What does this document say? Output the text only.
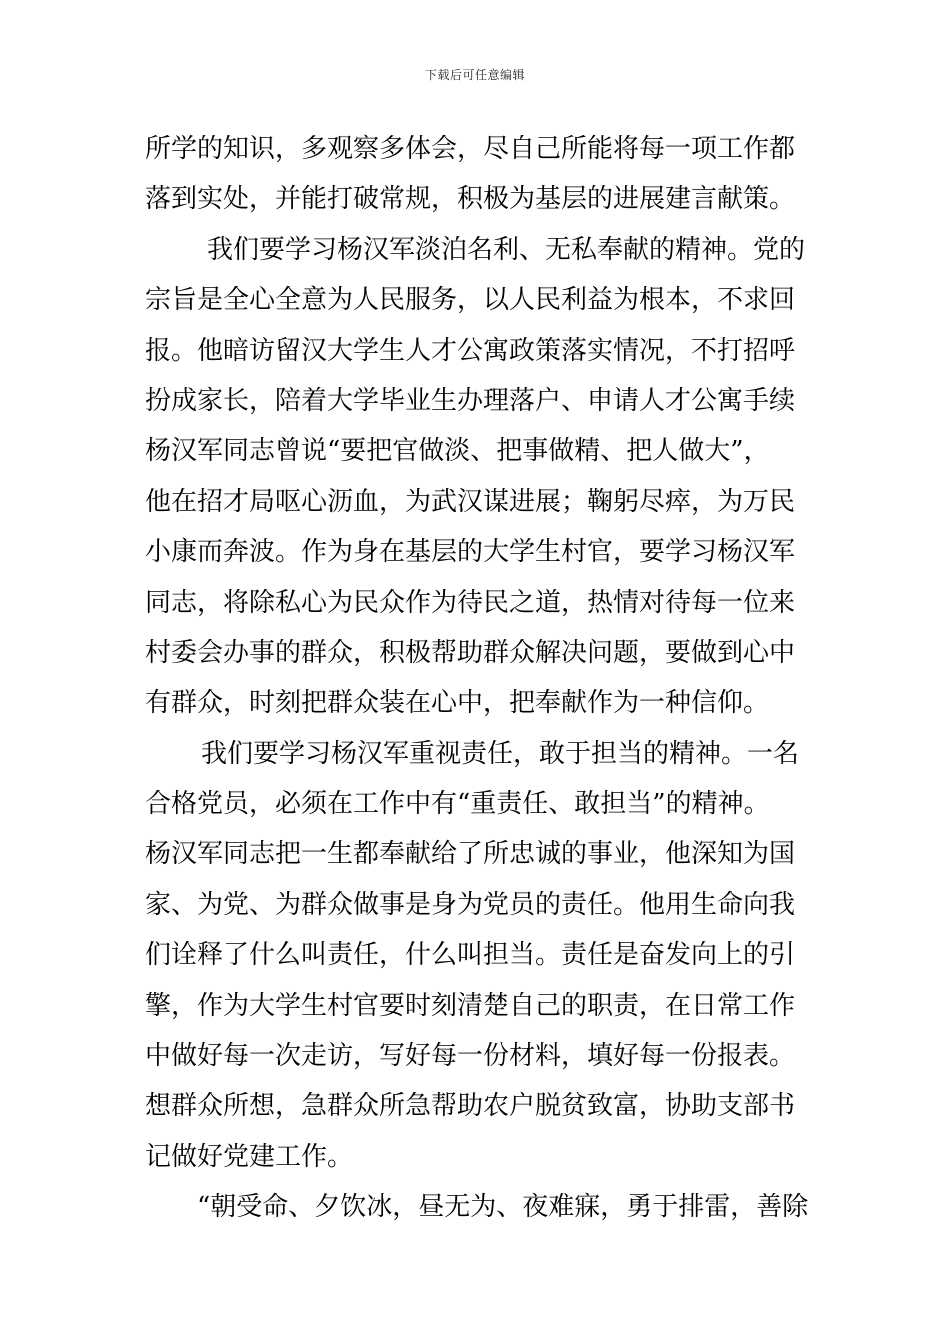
下载后可任意编辑
所学的知识，多观察多体会，尽自己所能将每一项工作都
落到实处，并能打破常规，积极为基层的进展建言献策。
我们要学习杨汉军淡泊名利、无私奉献的精神。党的
宗旨是全心全意为人民服务，以人民利益为根本，不求回
报。他暗访留汉大学生人才公寓政策落实情况，不打招呼
扮成家长，陪着大学毕业生办理落户、申请人才公寓手续
杨汉军同志曾说“要把官做淡、把事做精、把人做大”，
他在招才局呕心沥血，为武汉谋进展；鞠躬尽瘁，为万民
小康而奔波。作为身在基层的大学生村官，要学习杨汉军
同志，将除私心为民众作为待民之道，热情对待每一位来
村委会办事的群众，积极帮助群众解决问题，要做到心中
有群众，时刻把群众装在心中，把奉献作为一种信仰。
我们要学习杨汉军重视责任，敢于担当的精神。一名
合格党员，必须在工作中有“重责任、敢担当”的精神。
杨汉军同志把一生都奉献给了所忠诚的事业，他深知为国
家、为党、为群众做事是身为党员的责任。他用生命向我
们诠释了什么叫责任，什么叫担当。责任是奋发向上的引
擎，作为大学生村官要时刻清楚自己的职责，在日常工作
中做好每一次走访，写好每一份材料，填好每一份报表。
想群众所想，急群众所急帮助农户脱贫致富，协助支部书
记做好党建工作。
“朝受命、夕饮冰，昼无为、夜难寐，勇于排雷，善除
